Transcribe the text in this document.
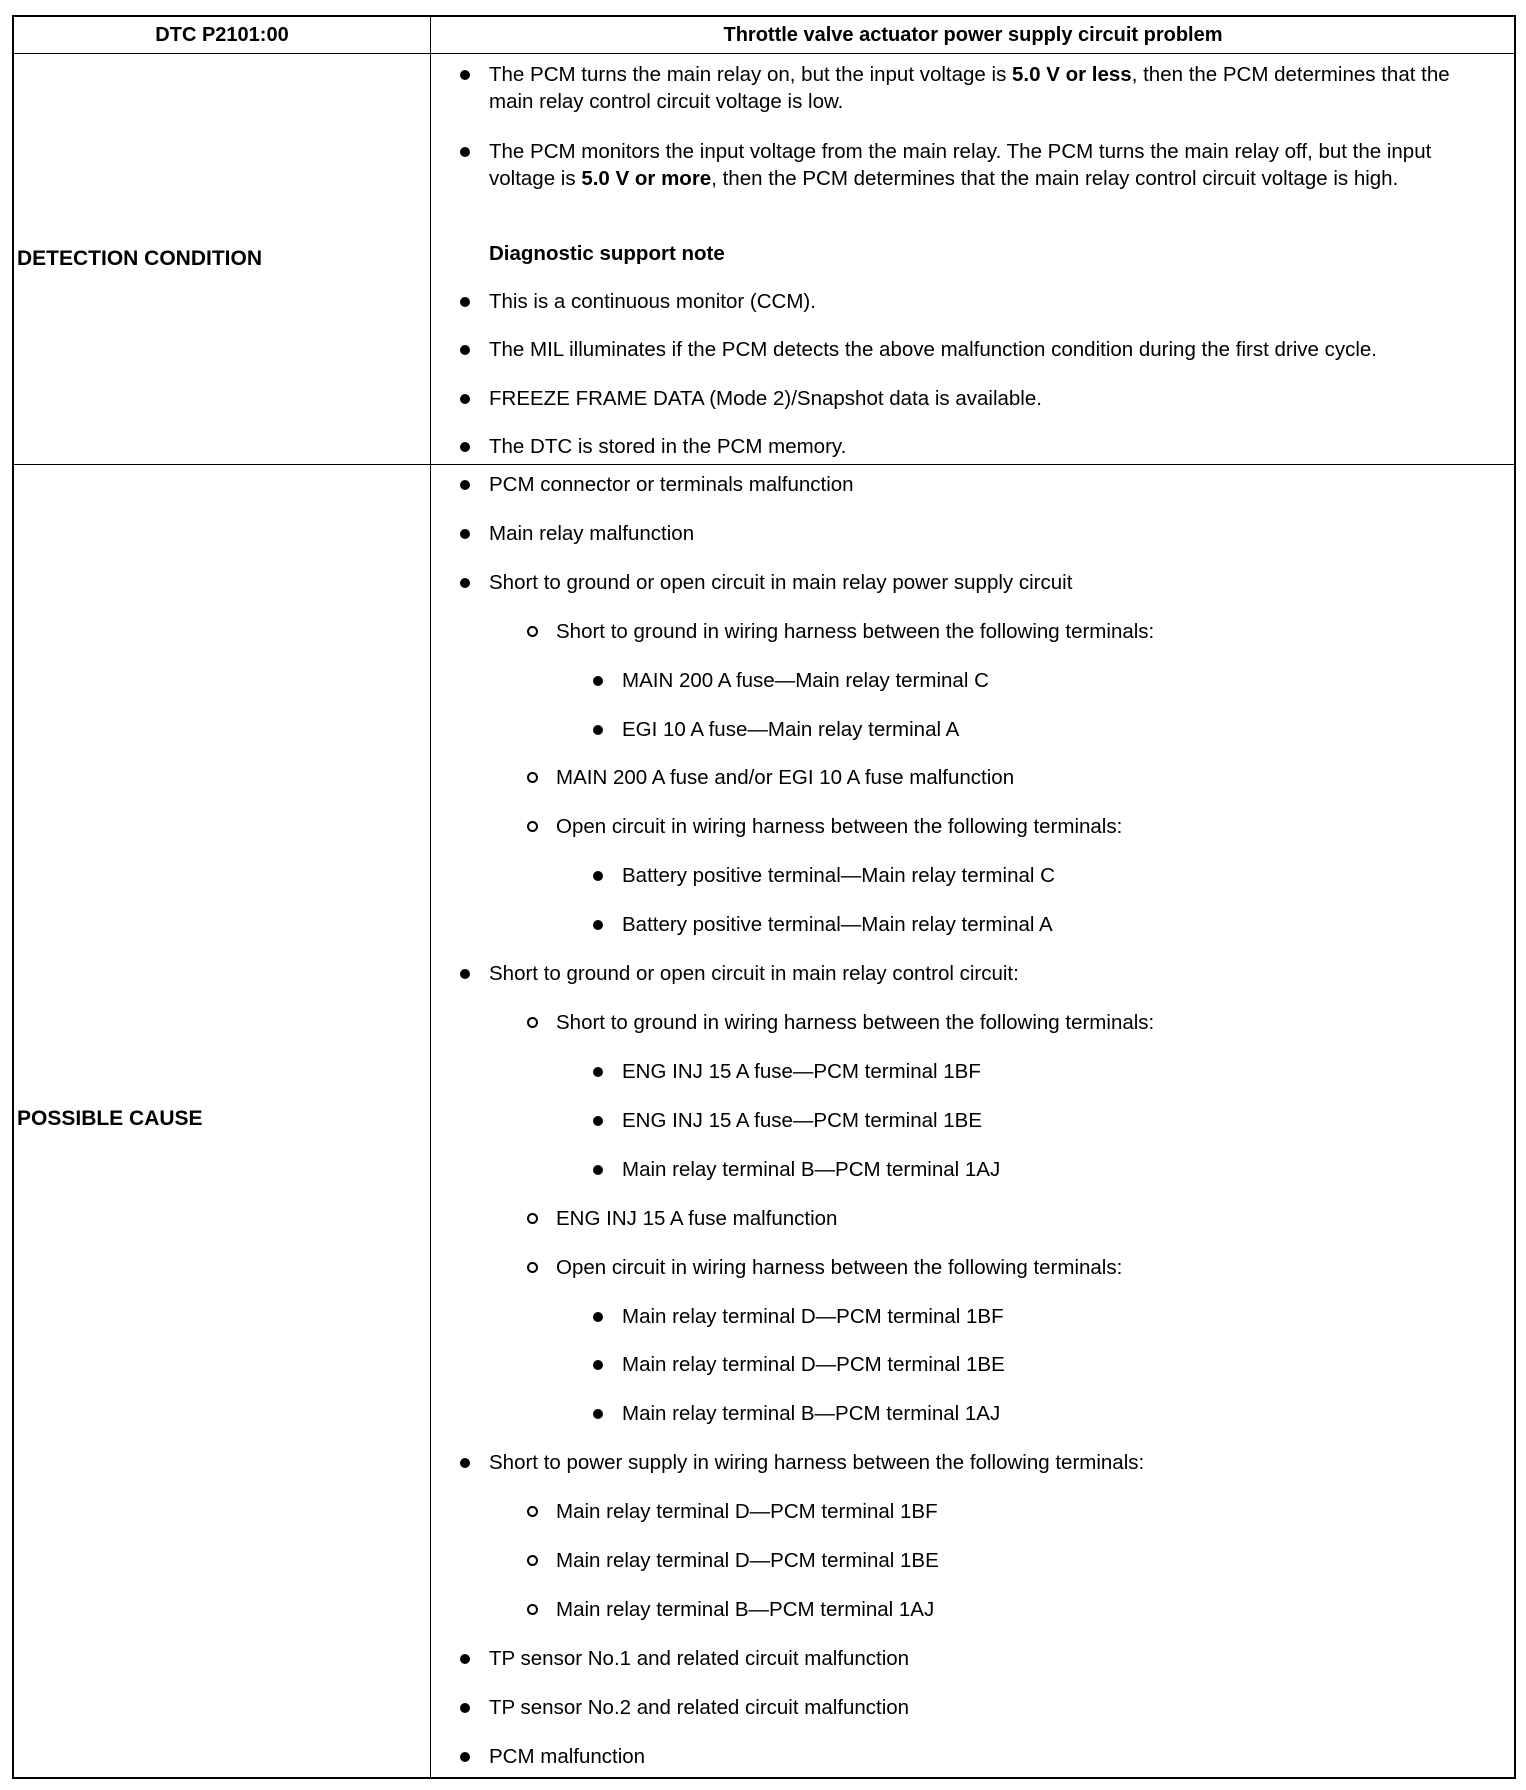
DTC P2101:00	Throttle valve actuator power supply circuit problem
DETECTION CONDITION
POSSIBLE CAUSE
The PCM turns the main relay on, but the input voltage is 5.0 V or less, then the PCM determines that the main relay control circuit voltage is low.
The PCM monitors the input voltage from the main relay. The PCM turns the main relay off, but the input voltage is 5.0 V or more, then the PCM determines that the main relay control circuit voltage is high.
Diagnostic support note
This is a continuous monitor (CCM).
The MIL illuminates if the PCM detects the above malfunction condition during the first drive cycle.
FREEZE FRAME DATA (Mode 2)/Snapshot data is available.
The DTC is stored in the PCM memory.
PCM connector or terminals malfunction
Main relay malfunction
Short to ground or open circuit in main relay power supply circuit
Short to ground in wiring harness between the following terminals:
MAIN 200 A fuse—Main relay terminal C
EGI 10 A fuse—Main relay terminal A
MAIN 200 A fuse and/or EGI 10 A fuse malfunction
Open circuit in wiring harness between the following terminals:
Battery positive terminal—Main relay terminal C
Battery positive terminal—Main relay terminal A
Short to ground or open circuit in main relay control circuit:
Short to ground in wiring harness between the following terminals:
ENG INJ 15 A fuse—PCM terminal 1BF
ENG INJ 15 A fuse—PCM terminal 1BE
Main relay terminal B—PCM terminal 1AJ
ENG INJ 15 A fuse malfunction
Open circuit in wiring harness between the following terminals:
Main relay terminal D—PCM terminal 1BF
Main relay terminal D—PCM terminal 1BE
Main relay terminal B—PCM terminal 1AJ
Short to power supply in wiring harness between the following terminals:
Main relay terminal D—PCM terminal 1BF
Main relay terminal D—PCM terminal 1BE
Main relay terminal B—PCM terminal 1AJ
TP sensor No.1 and related circuit malfunction
TP sensor No.2 and related circuit malfunction
PCM malfunction
